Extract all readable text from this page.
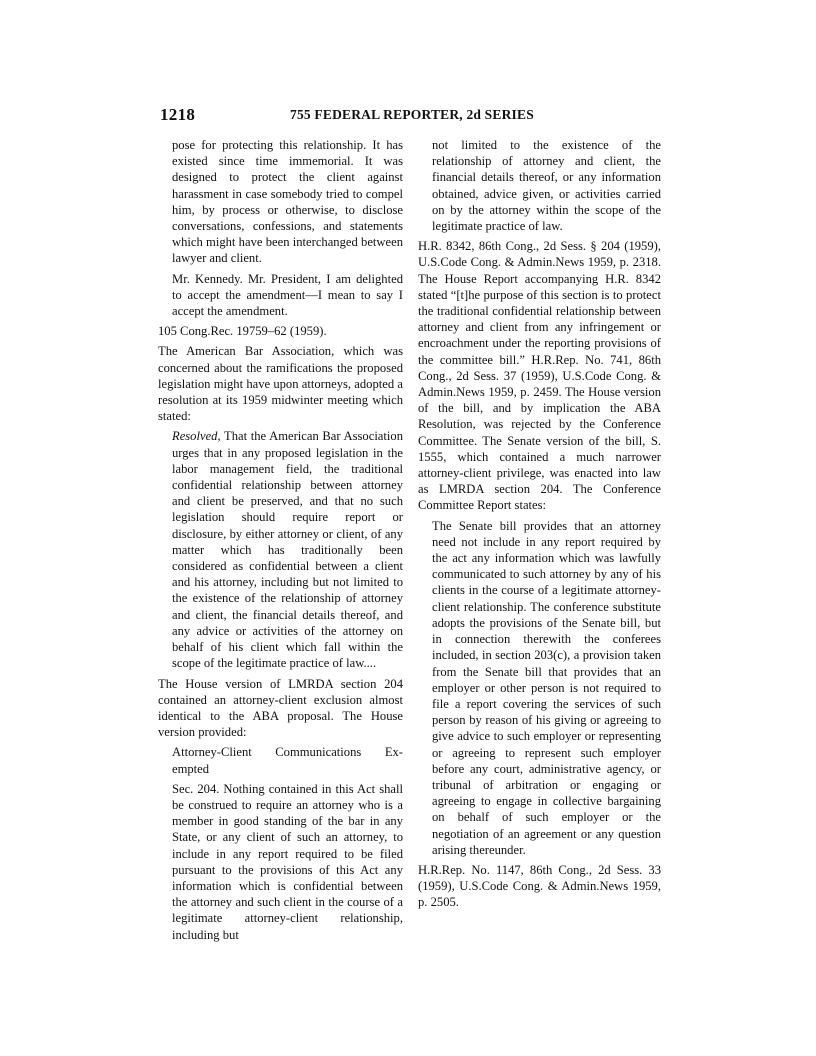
1218	755 FEDERAL REPORTER, 2d SERIES

pose for protecting this relationship. It has existed since time immemorial. It was designed to protect the client against harassment in case somebody tried to compel him, by process or otherwise, to disclose conversations, confessions, and statements which might have been interchanged between lawyer and client.

Mr. Kennedy. Mr. President, I am delighted to accept the amendment—I mean to say I accept the amendment.

105 Cong.Rec. 19759–62 (1959).

The American Bar Association, which was concerned about the ramifications the proposed legislation might have upon attorneys, adopted a resolution at its 1959 midwinter meeting which stated:

Resolved, That the American Bar Association urges that in any proposed legislation in the labor management field, the traditional confidential relationship between attorney and client be preserved, and that no such legislation should require report or disclosure, by either attorney or client, of any matter which has traditionally been considered as confidential between a client and his attorney, including but not limited to the existence of the relationship of attorney and client, the financial details thereof, and any advice or activities of the attorney on behalf of his client which fall within the scope of the legitimate practice of law....

The House version of LMRDA section 204 contained an attorney-client exclusion almost identical to the ABA proposal. The House version provided:

Attorney-Client Communications Ex-

empted

Sec. 204. Nothing contained in this Act shall be construed to require an attorney who is a member in good standing of the bar in any State, or any client of such an attorney, to include in any report required to be filed pursuant to the provisions of this Act any information which is confidential between the attorney and such client in the course of a legitimate attorney-client relationship, including but

not limited to the existence of the relationship of attorney and client, the financial details thereof, or any information obtained, advice given, or activities carried on by the attorney within the scope of the legitimate practice of law.

H.R. 8342, 86th Cong., 2d Sess. § 204 (1959), U.S.Code Cong. & Admin.News 1959, p. 2318. The House Report accompanying H.R. 8342 stated “[t]he purpose of this section is to protect the traditional confidential relationship between attorney and client from any infringement or encroachment under the reporting provisions of the committee bill.” H.R.Rep. No. 741, 86th Cong., 2d Sess. 37 (1959), U.S.Code Cong. & Admin.News 1959, p. 2459. The House version of the bill, and by implication the ABA Resolution, was rejected by the Conference Committee. The Senate version of the bill, S. 1555, which contained a much narrower attorney-client privilege, was enacted into law as LMRDA section 204. The Conference Committee Report states:

The Senate bill provides that an attorney need not include in any report required by the act any information which was lawfully communicated to such attorney by any of his clients in the course of a legitimate attorney-client relationship. The conference substitute adopts the provisions of the Senate bill, but in connection therewith the conferees included, in section 203(c), a provision taken from the Senate bill that provides that an employer or other person is not required to file a report covering the services of such person by reason of his giving or agreeing to give advice to such employer or representing or agreeing to represent such employer before any court, administrative agency, or tribunal of arbitration or engaging or agreeing to engage in collective bargaining on behalf of such employer or the negotiation of an agreement or any question arising thereunder.

H.R.Rep. No. 1147, 86th Cong., 2d Sess. 33 (1959), U.S.Code Cong. & Admin.News 1959, p. 2505.
